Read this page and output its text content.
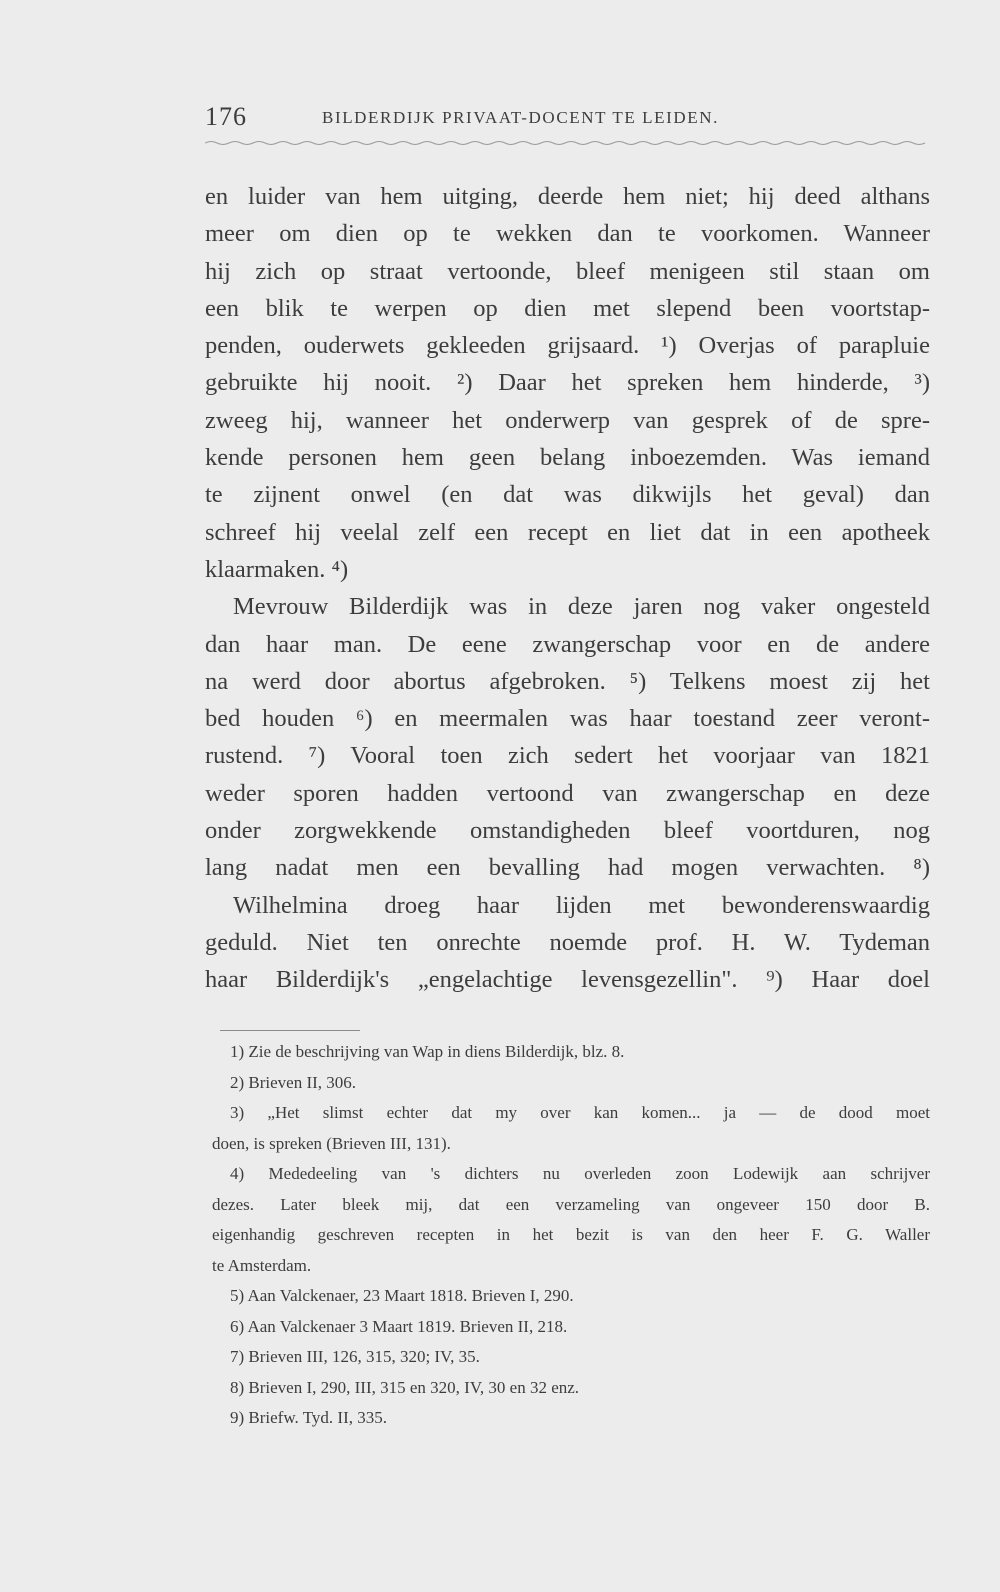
176	BILDERDIJK PRIVAAT-DOCENT TE LEIDEN.
en luider van hem uitging, deerde hem niet; hij deed althans
meer om dien op te wekken dan te voorkomen. Wanneer
hij zich op straat vertoonde, bleef menigeen stil staan om
een blik te werpen op dien met slepend been voortstap-
penden, ouderwets gekleeden grijsaard. ¹) Overjas of parapluie
gebruikte hij nooit. ²) Daar het spreken hem hinderde, ³)
zweeg hij, wanneer het onderwerp van gesprek of de spre-
kende personen hem geen belang inboezemden. Was iemand
te zijnent onwel (en dat was dikwijls het geval) dan
schreef hij veelal zelf een recept en liet dat in een apotheek
klaarmaken. ⁴)
Mevrouw Bilderdijk was in deze jaren nog vaker ongesteld
dan haar man. De eene zwangerschap voor en de andere
na werd door abortus afgebroken. ⁵) Telkens moest zij het
bed houden ⁶) en meermalen was haar toestand zeer veront-
rustend. ⁷) Vooral toen zich sedert het voorjaar van 1821
weder sporen hadden vertoond van zwangerschap en deze
onder zorgwekkende omstandigheden bleef voortduren, nog
lang nadat men een bevalling had mogen verwachten. ⁸)
Wilhelmina droeg haar lijden met bewonderenswaardig
geduld. Niet ten onrechte noemde prof. H. W. Tydeman
haar Bilderdijk's „engelachtige levensgezellin". ⁹) Haar doel
1) Zie de beschrijving van Wap in diens Bilderdijk, blz. 8.
2) Brieven II, 306.
3) „Het slimst echter dat my over kan komen... ja — de dood moet
doen, is spreken (Brieven III, 131).
4) Mededeeling van 's dichters nu overleden zoon Lodewijk aan schrijver
dezes. Later bleek mij, dat een verzameling van ongeveer 150 door B.
eigenhandig geschreven recepten in het bezit is van den heer F. G. Waller
te Amsterdam.
5) Aan Valckenaer, 23 Maart 1818. Brieven I, 290.
6) Aan Valckenaer 3 Maart 1819. Brieven II, 218.
7) Brieven III, 126, 315, 320; IV, 35.
8) Brieven I, 290, III, 315 en 320, IV, 30 en 32 enz.
9) Briefw. Tyd. II, 335.
